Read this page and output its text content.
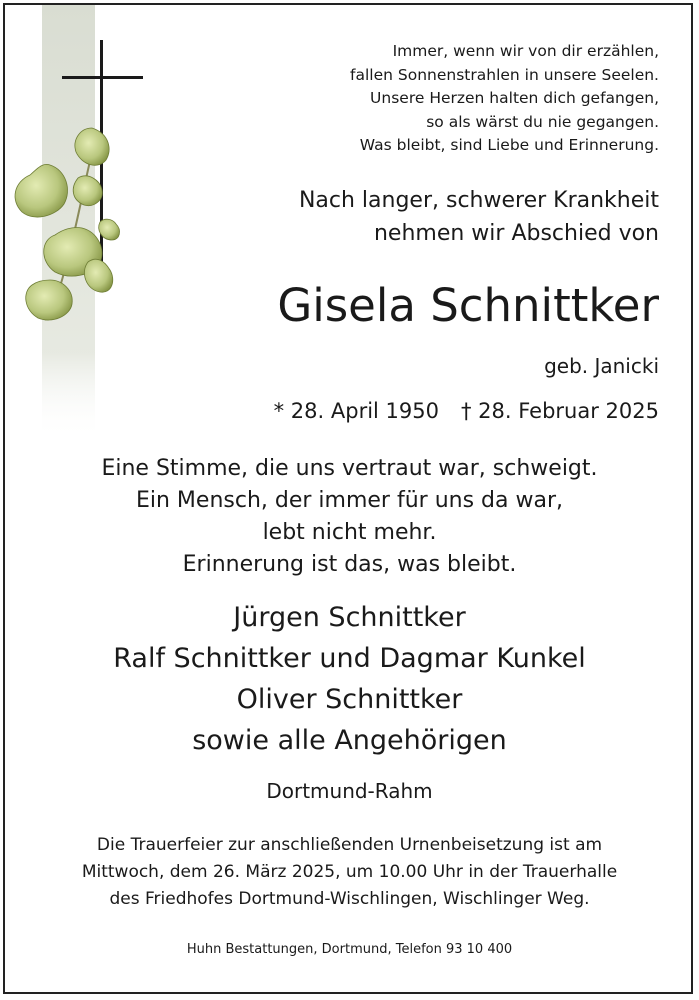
Immer, wenn wir von dir erzählen,
fallen Sonnenstrahlen in unsere Seelen.
Unsere Herzen halten dich gefangen,
so als wärst du nie gegangen.
Was bleibt, sind Liebe und Erinnerung.
Nach langer, schwerer Krankheit
nehmen wir Abschied von
Gisela Schnittker
geb. Janicki
* 28. April 1950 † 28. Februar 2025
Eine Stimme, die uns vertraut war, schweigt.
Ein Mensch, der immer für uns da war,
lebt nicht mehr.
Erinnerung ist das, was bleibt.
Jürgen Schnittker
Ralf Schnittker und Dagmar Kunkel
Oliver Schnittker
sowie alle Angehörigen
Dortmund-Rahm
Die Trauerfeier zur anschließenden Urnenbeisetzung ist am
Mittwoch, dem 26. März 2025, um 10.00 Uhr in der Trauerhalle
des Friedhofes Dortmund-Wischlingen, Wischlinger Weg.
Huhn Bestattungen, Dortmund, Telefon 93 10 400
